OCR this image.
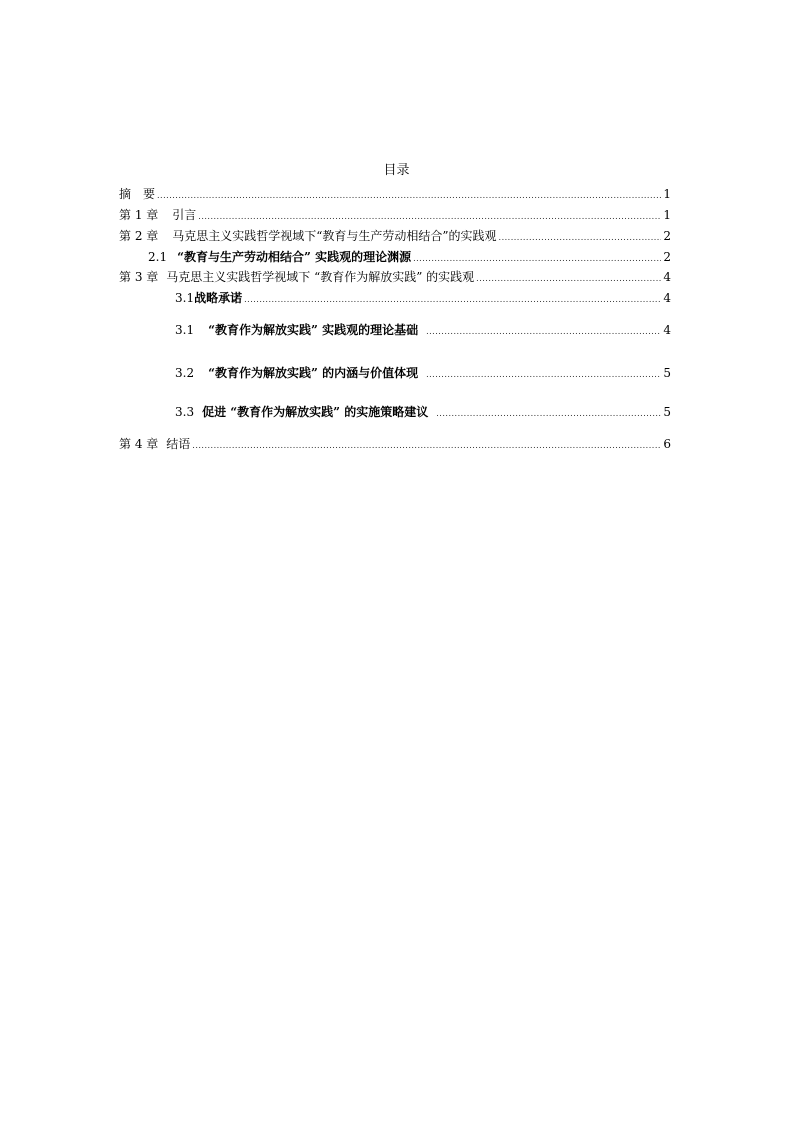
目录
摘　要 .....	1
第 1 章 引言 .....	1
第 2 章 马克思主义实践哲学视域下“教育与生产劳动相结合”的实践观 .....	2
2.1 “教育与生产劳动相结合” 实践观的理论渊源 .....	2
第 3 章 马克思主义实践哲学视域下 “教育作为解放实践” 的实践观 .....	4
3.1战略承诺 .....	4
3.1 “教育作为解放实践” 实践观的理论基础 .....	4
3.2 “教育作为解放实践” 的内涵与价值体现 .....	5
3.3 促进 “教育作为解放实践” 的实施策略建议 .....	5
第 4 章 结语 .....	6
